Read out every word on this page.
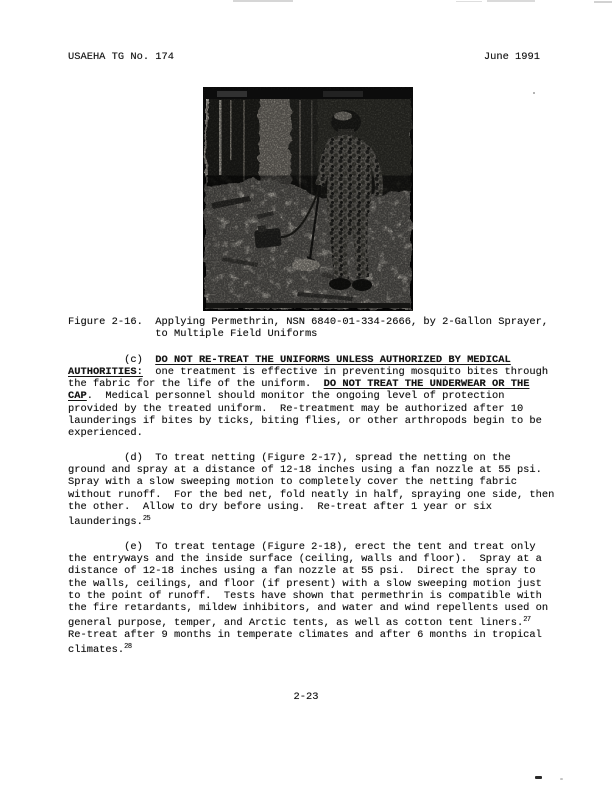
USAEHA TG No. 174	June 1991
Figure 2-16.  Applying Permethrin, NSN 6840-01-334-2666, by 2-Gallon Sprayer,
to Multiple Field Uniforms
(c)  DO NOT RE-TREAT THE UNIFORMS UNLESS AUTHORIZED BY MEDICAL
AUTHORITIES:  one treatment is effective in preventing mosquito bites through
the fabric for the life of the uniform.  DO NOT TREAT THE UNDERWEAR OR THE
CAP.  Medical personnel should monitor the ongoing level of protection
provided by the treated uniform.  Re-treatment may be authorized after 10
launderings if bites by ticks, biting flies, or other arthropods begin to be
experienced.
(d)  To treat netting (Figure 2-17), spread the netting on the
ground and spray at a distance of 12-18 inches using a fan nozzle at 55 psi.
Spray with a slow sweeping motion to completely cover the netting fabric
without runoff.  For the bed net, fold neatly in half, spraying one side, then
the other.  Allow to dry before using.  Re-treat after 1 year or six
launderings.$^{25}$
(e)  To treat tentage (Figure 2-18), erect the tent and treat only
the entryways and the inside surface (ceiling, walls and floor).  Spray at a
distance of 12-18 inches using a fan nozzle at 55 psi.  Direct the spray to
the walls, ceilings, and floor (if present) with a slow sweeping motion just
to the point of runoff.  Tests have shown that permethrin is compatible with
the fire retardants, mildew inhibitors, and water and wind repellents used on
general purpose, temper, and Arctic tents, as well as cotton tent liners.$^{27}$
Re-treat after 9 months in temperate climates and after 6 months in tropical
climates.$^{28}$
2-23
